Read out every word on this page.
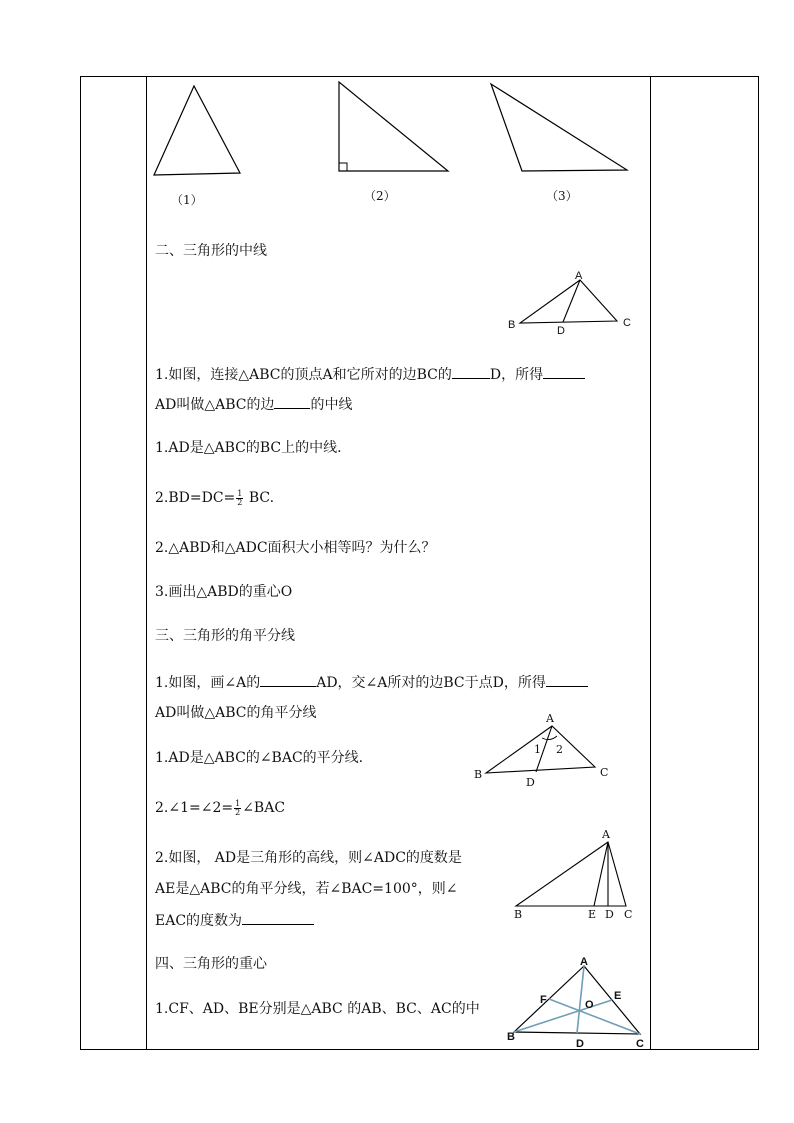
（1）	（2）	（3）
二、三角形的中线
A
B	C
D
1.如图，连接△ABC的顶点A和它所对的边BC的	D，所得
AD叫做△ABC的边	的中线
1.AD是△ABC的BC上的中线.
$2.BD=DC= \frac{1}{2}$ BC.
2.△ABD和△ADC面积大小相等吗？为什么？
3.画出△ABD的重心O
三、三角形的角平分线
1.如图，画∠A的	AD，交∠A所对的边BC于点D，所得
AD叫做△ABC的角平分线	A
B	C
D
1 2
1.AD是△ABC的∠BAC的平分线.
2.∠1=∠2= $\frac{1}{2}$ ∠BAC
2.如图， AD是三角形的高线，则∠ADC的度数是
AE是△ABC的角平分线，若∠BAC=100°，则∠
EAC的度数为
A
B	E D C
四、三角形的重心
1.CF、AD、BE分别是△ABC 的AB、BC、AC的中
A
B
C
D
E
F	O
